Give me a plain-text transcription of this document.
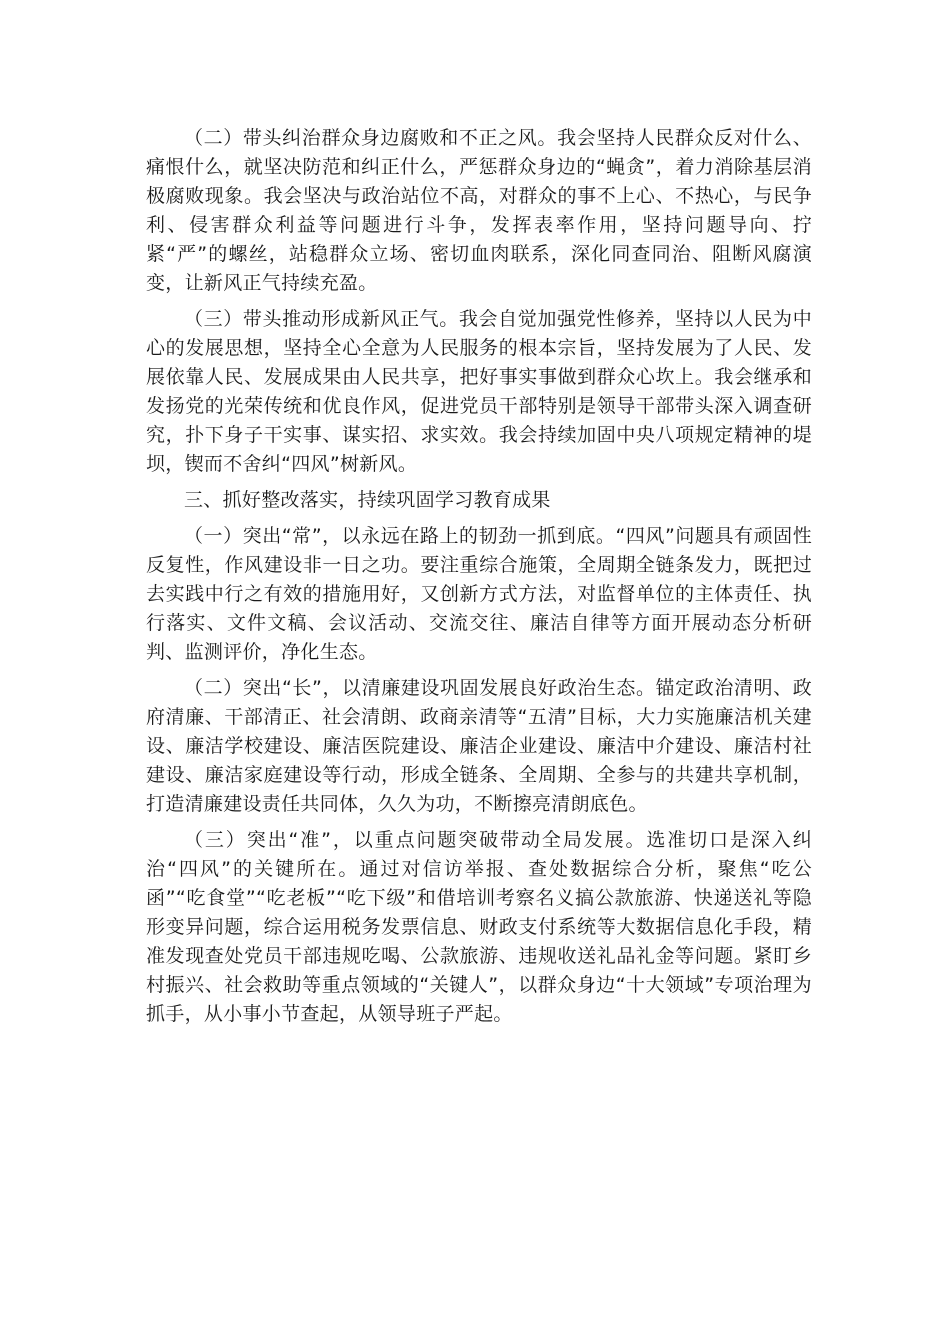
（二）带头纠治群众身边腐败和不正之风。我会坚持人民群众反对什么、痛恨什么，就坚决防范和纠正什么，严惩群众身边的“蝇贪”，着力消除基层消极腐败现象。我会坚决与政治站位不高，对群众的事不上心、不热心，与民争利、侵害群众利益等问题进行斗争，发挥表率作用，坚持问题导向、拧紧“严”的螺丝，站稳群众立场、密切血肉联系，深化同查同治、阻断风腐演变，让新风正气持续充盈。

（三）带头推动形成新风正气。我会自觉加强党性修养，坚持以人民为中心的发展思想，坚持全心全意为人民服务的根本宗旨，坚持发展为了人民、发展依靠人民、发展成果由人民共享，把好事实事做到群众心坎上。我会继承和发扬党的光荣传统和优良作风，促进党员干部特别是领导干部带头深入调查研究，扑下身子干实事、谋实招、求实效。我会持续加固中央八项规定精神的堤坝，锲而不舍纠“四风”树新风。

三、抓好整改落实，持续巩固学习教育成果

（一）突出“常”，以永远在路上的韧劲一抓到底。“四风”问题具有顽固性反复性，作风建设非一日之功。要注重综合施策，全周期全链条发力，既把过去实践中行之有效的措施用好，又创新方式方法，对监督单位的主体责任、执行落实、文件文稿、会议活动、交流交往、廉洁自律等方面开展动态分析研判、监测评价，净化生态。

（二）突出“长”，以清廉建设巩固发展良好政治生态。锚定政治清明、政府清廉、干部清正、社会清朗、政商亲清等“五清”目标，大力实施廉洁机关建设、廉洁学校建设、廉洁医院建设、廉洁企业建设、廉洁中介建设、廉洁村社建设、廉洁家庭建设等行动，形成全链条、全周期、全参与的共建共享机制，打造清廉建设责任共同体，久久为功，不断擦亮清朗底色。

（三）突出“准”，以重点问题突破带动全局发展。选准切口是深入纠治“四风”的关键所在。通过对信访举报、查处数据综合分析，聚焦“吃公函”“吃食堂”“吃老板”“吃下级”和借培训考察名义搞公款旅游、快递送礼等隐形变异问题，综合运用税务发票信息、财政支付系统等大数据信息化手段，精准发现查处党员干部违规吃喝、公款旅游、违规收送礼品礼金等问题。紧盯乡村振兴、社会救助等重点领域的“关键人”，以群众身边“十大领域”专项治理为抓手，从小事小节查起，从领导班子严起。
